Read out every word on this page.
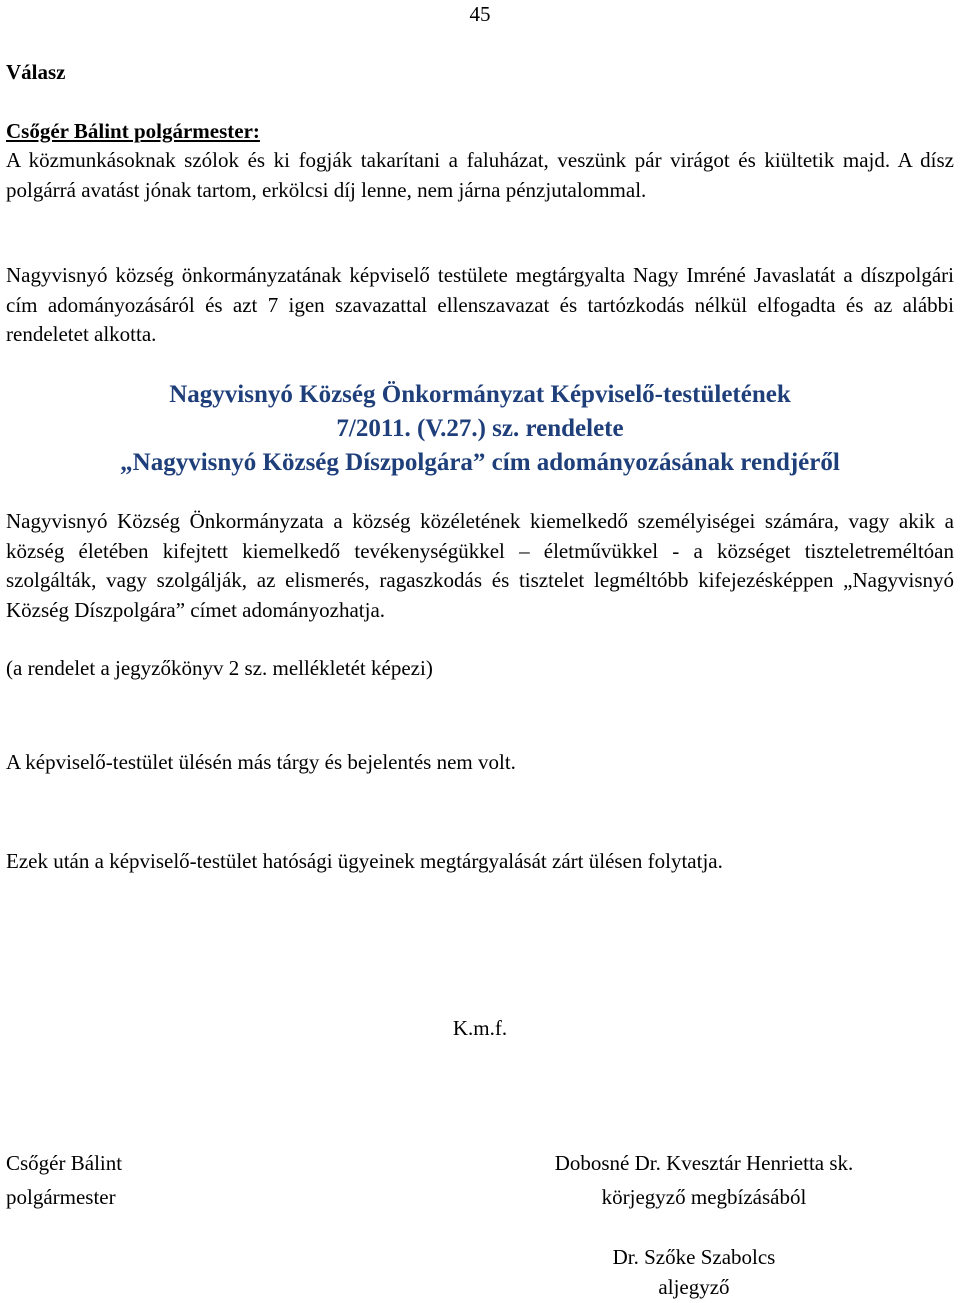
45
Válasz
Csőgér Bálint polgármester:
A közmunkásoknak szólok és ki fogják takarítani a faluházat, veszünk pár virágot és kiültetik majd. A dísz polgárrá avatást jónak tartom, erkölcsi díj lenne, nem járna pénzjutalommal.
Nagyvisnyó község önkormányzatának képviselő testülete megtárgyalta Nagy Imréné Javaslatát a díszpolgári cím adományozásáról és azt 7 igen szavazattal ellenszavazat és tartózkodás nélkül elfogadta és az alábbi rendeletet alkotta.
Nagyvisnyó Község Önkormányzat Képviselő-testületének
7/2011. (V.27.) sz. rendelete
„Nagyvisnyó Község Díszpolgára” cím adományozásának rendjéről
Nagyvisnyó Község Önkormányzata a község közéletének kiemelkedő személyiségei számára, vagy akik a község életében kifejtett kiemelkedő tevékenységükkel – életművükkel - a községet tiszteletreméltóan szolgálták, vagy szolgálják, az elismerés, ragaszkodás és tisztelet legméltóbb kifejezésképpen „Nagyvisnyó Község Díszpolgára” címet adományozhatja.
(a rendelet a jegyzőkönyv 2 sz. mellékletét képezi)
A képviselő-testület ülésén más tárgy és bejelentés nem volt.
Ezek után a képviselő-testület hatósági ügyeinek megtárgyalását zárt ülésen folytatja.
K.m.f.
Csőgér Bálint
polgármester
Dobosné Dr. Kvesztár Henrietta sk.
körjegyző megbízásából
Dr. Szőke Szabolcs
aljegyző
